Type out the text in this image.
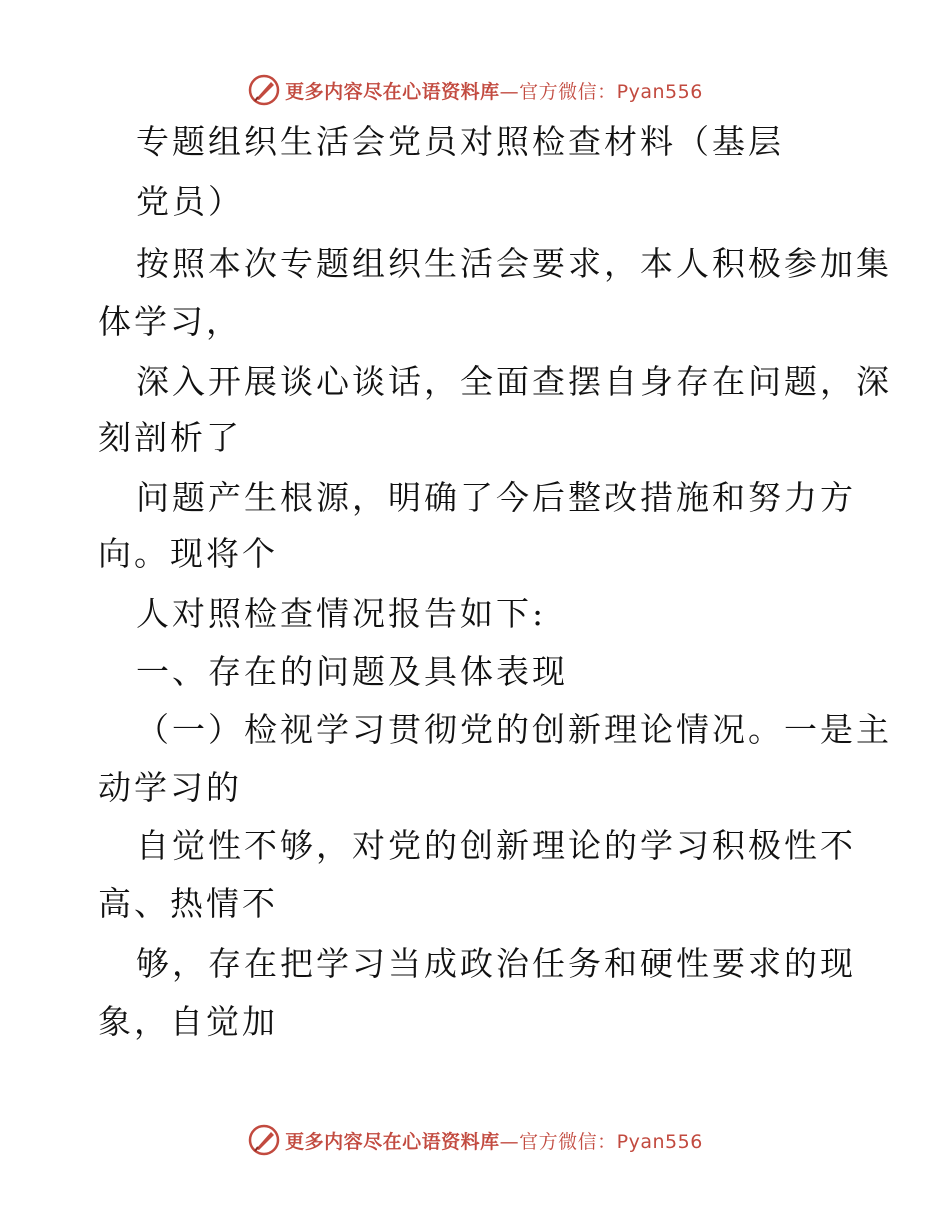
更多内容尽在心语资料库—官方微信：Pyan556
专题组织生活会党员对照检查材料（基层
党员）
按照本次专题组织生活会要求，本人积极参加集
体学习，
深入开展谈心谈话，全面查摆自身存在问题，深
刻剖析了
问题产生根源，明确了今后整改措施和努力方
向。现将个
人对照检查情况报告如下:
一、存在的问题及具体表现
（一）检视学习贯彻党的创新理论情况。一是主
动学习的
自觉性不够，对党的创新理论的学习积极性不
高、热情不
够，存在把学习当成政治任务和硬性要求的现
象，自觉加
更多内容尽在心语资料库—官方微信：Pyan556
